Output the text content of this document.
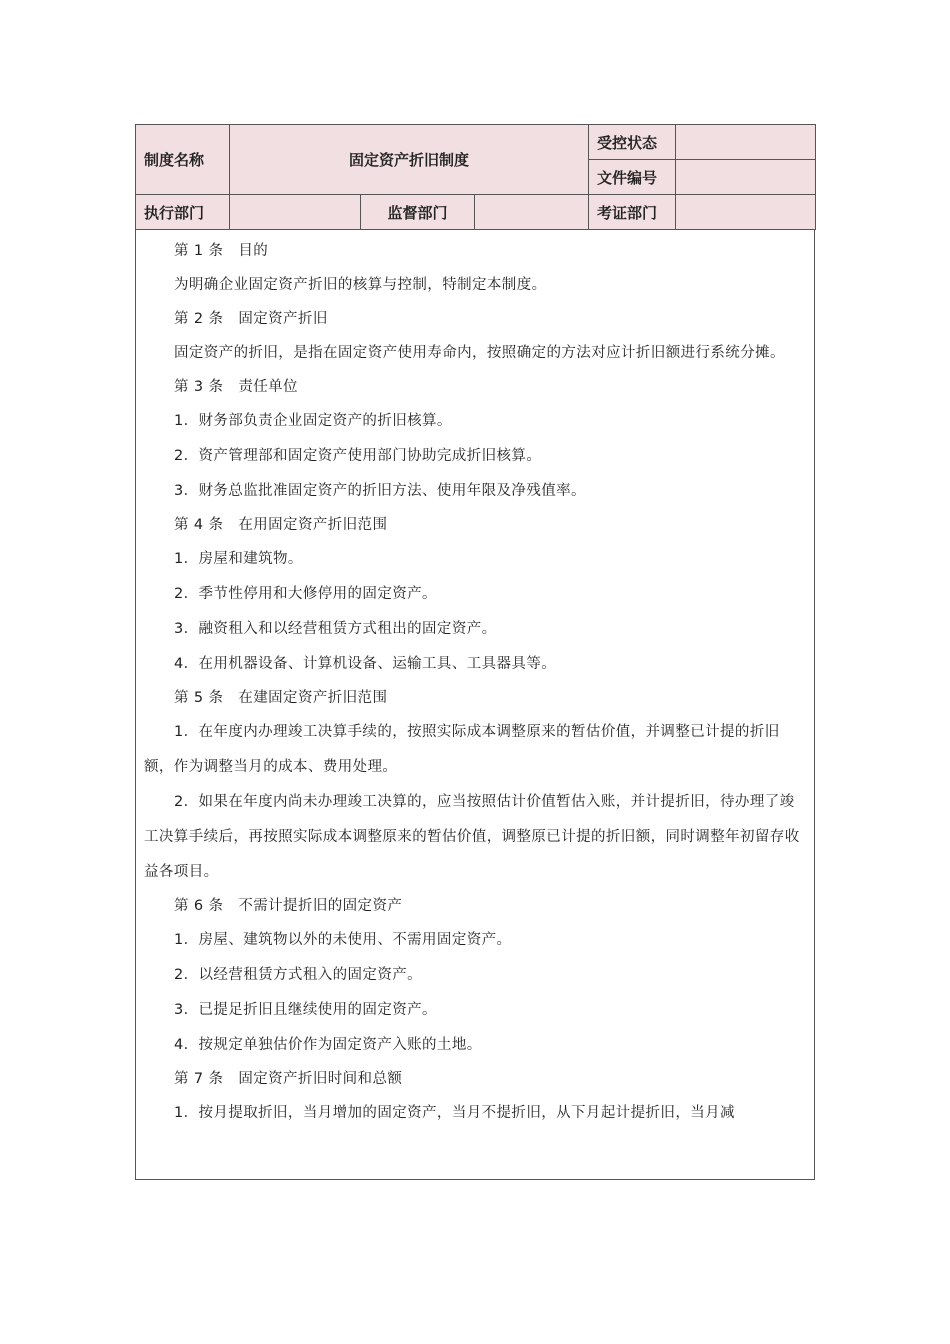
制度名称	固定资产折旧制度			受控状态	
				文件编号	
执行部门		监督部门		考证部门	

第 1 条　目的

为明确企业固定资产折旧的核算与控制，特制定本制度。

第 2 条　固定资产折旧

固定资产的折旧，是指在固定资产使用寿命内，按照确定的方法对应计折旧额进行系统分摊。

第 3 条　责任单位

1．财务部负责企业固定资产的折旧核算。

2．资产管理部和固定资产使用部门协助完成折旧核算。

3．财务总监批准固定资产的折旧方法、使用年限及净残值率。

第 4 条　在用固定资产折旧范围

1．房屋和建筑物。

2．季节性停用和大修停用的固定资产。

3．融资租入和以经营租赁方式租出的固定资产。

4．在用机器设备、计算机设备、运输工具、工具器具等。

第 5 条　在建固定资产折旧范围

1．在年度内办理竣工决算手续的，按照实际成本调整原来的暂估价值，并调整已计提的折旧额，作为调整当月的成本、费用处理。

2．如果在年度内尚未办理竣工决算的，应当按照估计价值暂估入账，并计提折旧，待办理了竣工决算手续后，再按照实际成本调整原来的暂估价值，调整原已计提的折旧额，同时调整年初留存收益各项目。

第 6 条　不需计提折旧的固定资产

1．房屋、建筑物以外的未使用、不需用固定资产。

2．以经营租赁方式租入的固定资产。

3．已提足折旧且继续使用的固定资产。

4．按规定单独估价作为固定资产入账的土地。

第 7 条　固定资产折旧时间和总额

1．按月提取折旧，当月增加的固定资产，当月不提折旧，从下月起计提折旧，当月减
